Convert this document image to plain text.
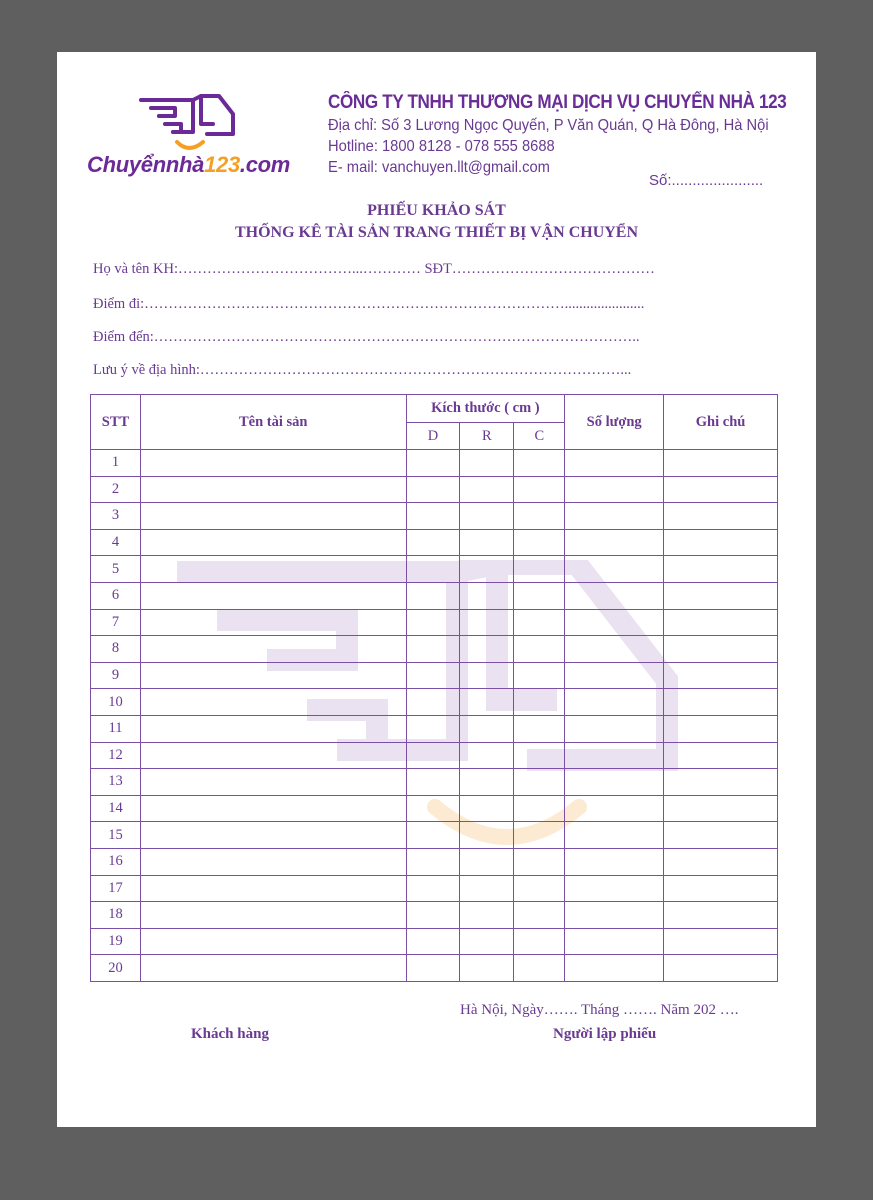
Chuyểnnhà123.com
CÔNG TY TNHH THƯƠNG MẠI DỊCH VỤ CHUYỂN NHÀ 123
Địa chỉ: Số 3 Lương Ngọc Quyến, P Văn Quán, Q Hà Đông, Hà Nội
Hotline: 1800 8128 - 078 555 8688
E- mail: vanchuyen.llt@gmail.com
Số:......................
PHIẾU KHẢO SÁT
THỐNG KÊ TÀI SẢN TRANG THIẾT BỊ VẬN CHUYỂN
Họ và tên KH:………………………………...………… SĐT……………………………………
Điểm đi:……………………………………………………………………………......................
Điểm đến:………………………………………………………………………………………..
Lưu ý về địa hình:……………………………………………………………………………...
STT	Tên tài sản	Kích thước ( cm )			Số lượng	Ghi chú
		D	R	C		
1						
2						
3						
4						
5						
6						
7						
8						
9						
10						
11						
12						
13						
14						
15						
16						
17						
18						
19						
20						
Hà Nội, Ngày……. Tháng ……. Năm 202 ….
Khách hàng	Người lập phiếu
